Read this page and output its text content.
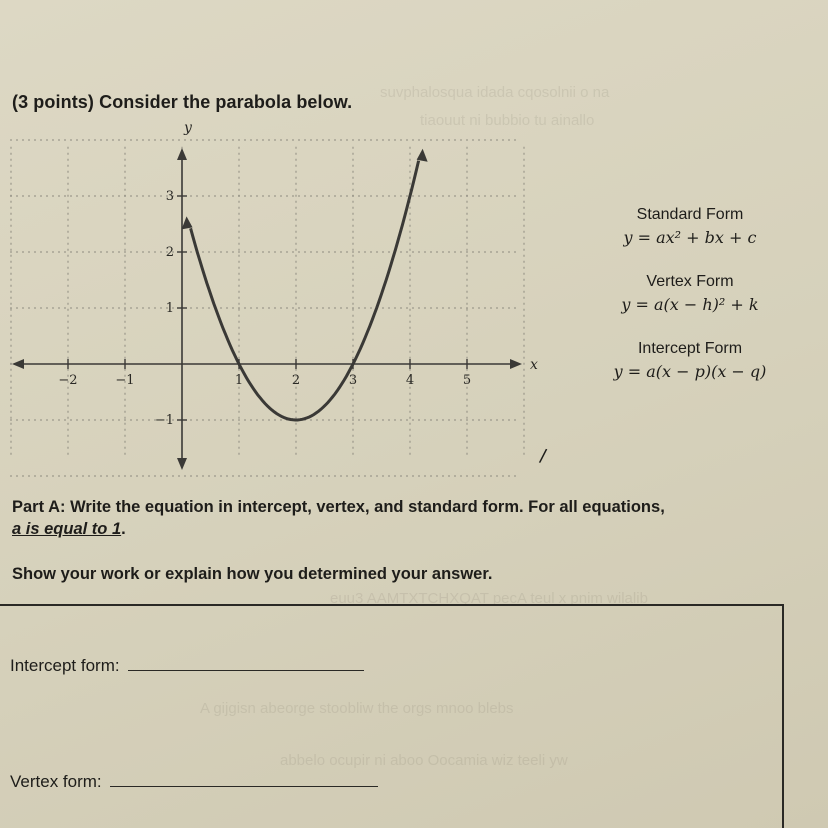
suvphalosqua idada cqosolnii o na
tiaouut ni bubbio tu ainallo
euu3 AAMTXTCHXQAT pecA teul x pnim wilalib
A gijgisn abeorge stoobliw the orgs mnoo blebs
abbelo ocupir ni aboo Oocamia wiz teeli yw
(3 points) Consider the parabola below.
−2	−1	1	2	3	4	5
3
2
1
−1
x
y
Standard Form
y = ax² + bx + c
Vertex Form
y = a(x − h)² + k
Intercept Form
y = a(x − p)(x − q)
/
Part A: Write the equation in intercept, vertex, and standard form. For all equations,
a is equal to 1.
Show your work or explain how you determined your answer.
Intercept form:
Vertex form:
